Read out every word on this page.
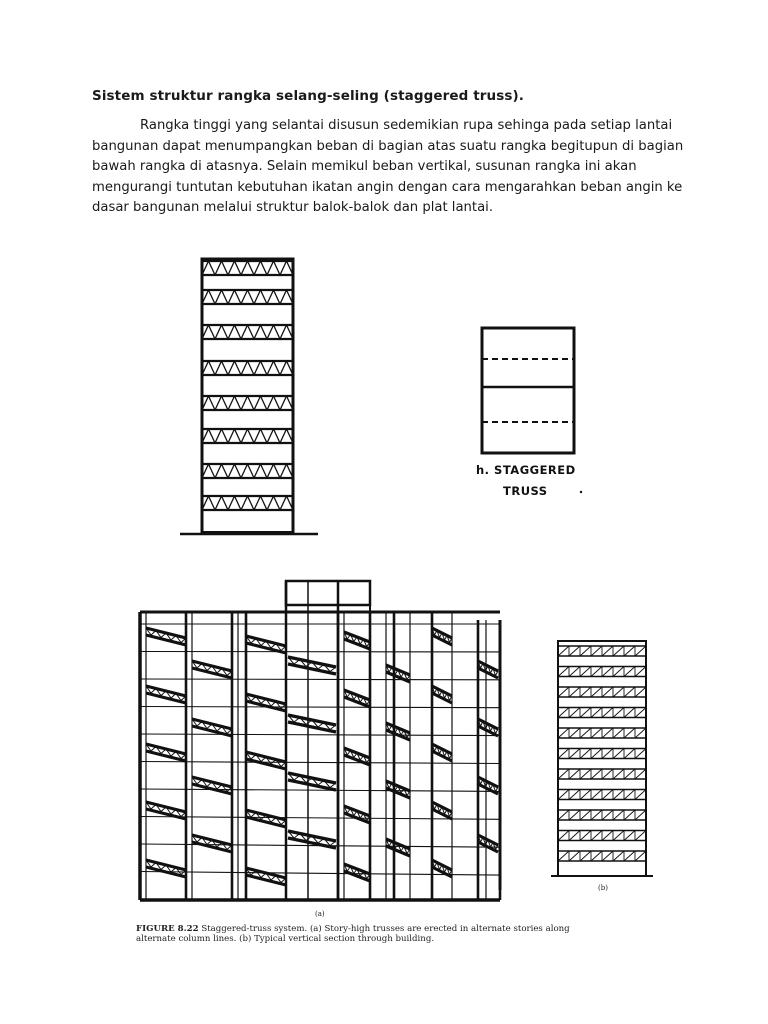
Sistem struktur rangka selang-seling (staggered truss).

Rangka tinggi yang selantai disusun sedemikian rupa sehinga pada setiap lantai bangunan dapat menumpangkan beban di bagian atas suatu rangka begitupun di bagian bawah rangka di atasnya. Selain memikul beban vertikal, susunan rangka ini akan mengurangi tuntutan kebutuhan ikatan angin dengan cara mengarahkan beban angin ke dasar bangunan melalui struktur balok-balok dan plat lantai.

h. STAGGERED
TRUSS
(a)
(b)
FIGURE 8.22 Staggered-truss system. (a) Story-high trusses are erected in alternate stories along alternate column lines. (b) Typical vertical section through building.
